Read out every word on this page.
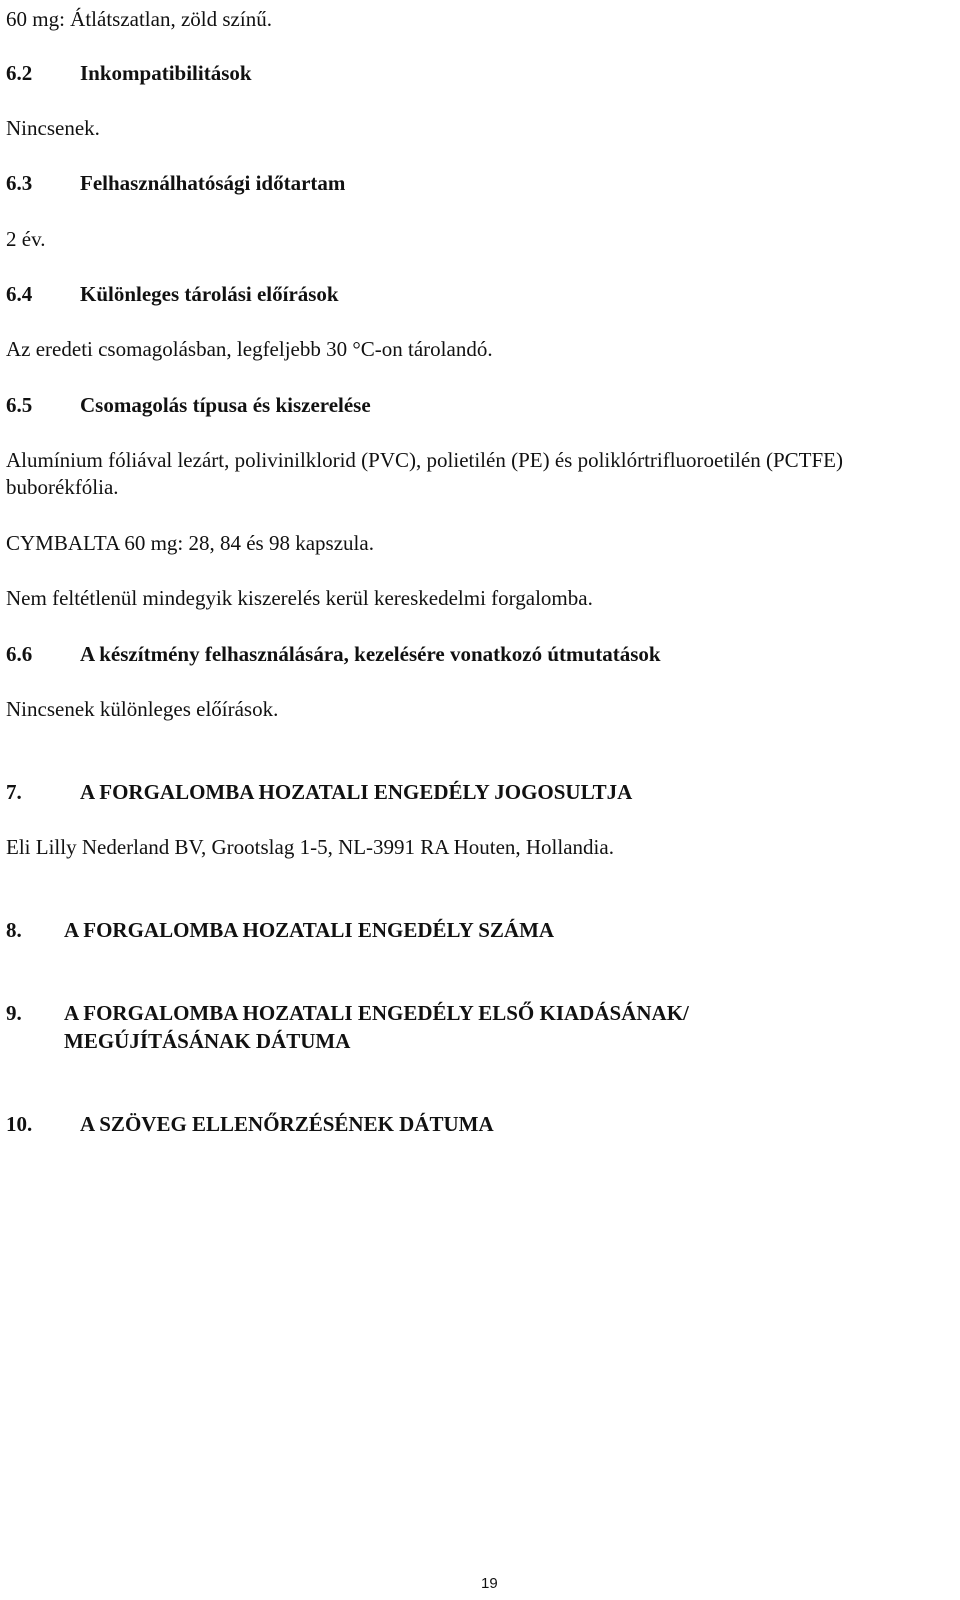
60 mg: Átlátszatlan, zöld színű.
6.2 Inkompatibilitások
Nincsenek.
6.3 Felhasználhatósági időtartam
2 év.
6.4 Különleges tárolási előírások
Az eredeti csomagolásban, legfeljebb 30 °C-on tárolandó.
6.5 Csomagolás típusa és kiszerelése
Alumínium fóliával lezárt, polivinilklorid (PVC), polietilén (PE) és poliklórtrifluoroetilén (PCTFE)
buborékfólia.
CYMBALTA 60 mg: 28, 84 és 98 kapszula.
Nem feltétlenül mindegyik kiszerelés kerül kereskedelmi forgalomba.
6.6 A készítmény felhasználására, kezelésére vonatkozó útmutatások
Nincsenek különleges előírások.
7.	A FORGALOMBA HOZATALI ENGEDÉLY JOGOSULTJA
Eli Lilly Nederland BV, Grootslag 1-5, NL-3991 RA Houten, Hollandia.
8. A FORGALOMBA HOZATALI ENGEDÉLY SZÁMA
9. A FORGALOMBA HOZATALI ENGEDÉLY ELSŐ KIADÁSÁNAK/
MEGÚJÍTÁSÁNAK DÁTUMA
10. A SZÖVEG ELLENŐRZÉSÉNEK DÁTUMA
19
